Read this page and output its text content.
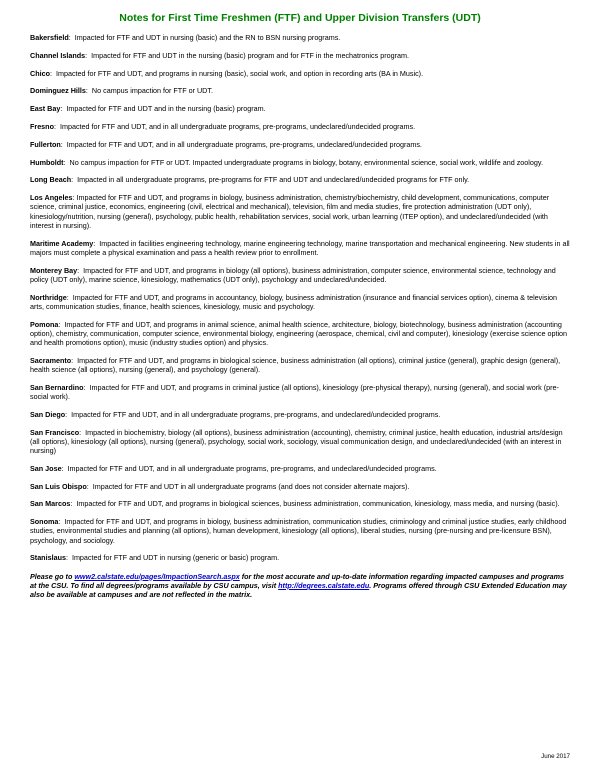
Notes for First Time Freshmen (FTF) and Upper Division Transfers (UDT)

Bakersfield:  Impacted for FTF and UDT in nursing (basic) and the RN to BSN nursing programs.

Channel Islands:  Impacted for FTF and UDT in the nursing (basic) program and for FTF in the mechatronics program.

Chico:  Impacted for FTF and UDT, and programs in nursing (basic), social work, and option in recording arts (BA in Music).

Dominguez Hills:  No campus impaction for FTF or UDT.

East Bay:  Impacted for FTF and UDT and in the nursing (basic) program.

Fresno:  Impacted for FTF and UDT, and in all undergraduate programs, pre-programs, undeclared/undecided programs.

Fullerton:  Impacted for FTF and UDT, and in all undergraduate programs, pre-programs, undeclared/undecided programs.

Humboldt:  No campus impaction for FTF or UDT. Impacted undergraduate programs in biology, botany, environmental science, social work, wildlife and zoology.

Long Beach:  Impacted in all undergraduate programs, pre-programs for FTF and UDT and undeclared/undecided programs for FTF only.

Los Angeles: Impacted for FTF and UDT, and programs in biology, business administration, chemistry/biochemistry, child development, communications, computer science, criminal justice, economics, engineering (civil, electrical and mechanical), television, film and media studies, fire protection administration (UDT only), kinesiology/nutrition, nursing (general), psychology, public health, rehabilitation services, social work, urban learning (ITEP option), and undeclared/undecided (with interest in nursing).

Maritime Academy:  Impacted in facilities engineering technology, marine engineering technology, marine transportation and mechanical engineering. New students in all majors must complete a physical examination and pass a health review prior to enrollment.

Monterey Bay:  Impacted for FTF and UDT, and programs in biology (all options), business administration, computer science, environmental science, technology and policy (UDT only), marine science, kinesiology, mathematics (UDT only), psychology and undeclared/undecided.

Northridge:  Impacted for FTF and UDT, and programs in accountancy, biology, business administration (insurance and financial services option), cinema & television arts, communication studies, finance, health sciences, kinesiology, music and psychology.

Pomona:  Impacted for FTF and UDT, and programs in animal science, animal health science, architecture, biology, biotechnology, business administration (accounting option), chemistry, communication, computer science, environmental biology, engineering (aerospace, chemical, civil and computer), kinesiology (exercise science option and health promotions option), music (industry studies option) and physics.

Sacramento:  Impacted for FTF and UDT, and programs in biological science, business administration (all options), criminal justice (general), graphic design (general), health science (all options), nursing (general), and psychology (general).

San Bernardino:  Impacted for FTF and UDT, and programs in criminal justice (all options), kinesiology (pre-physical therapy), nursing (general), and social work (pre-social work).

San Diego:  Impacted for FTF and UDT, and in all undergraduate programs, pre-programs, and undeclared/undecided programs.

San Francisco:  Impacted in biochemistry, biology (all options), business administration (accounting), chemistry, criminal justice, health education, industrial arts/design (all options), kinesiology (all options), nursing (general), psychology, social work, sociology, visual communication design, and undeclared/undecided (with an interest in nursing)

San Jose:  Impacted for FTF and UDT, and in all undergraduate programs, pre-programs, and undeclared/undecided programs.

San Luis Obispo:  Impacted for FTF and UDT in all undergraduate programs (and does not consider alternate majors).

San Marcos:  Impacted for FTF and UDT, and programs in biological sciences, business administration, communication, kinesiology, mass media, and nursing (basic).

Sonoma:  Impacted for FTF and UDT, and programs in biology, business administration, communication studies, criminology and criminal justice studies, early childhood studies, environmental studies and planning (all options), human development, kinesiology (all options), liberal studies, nursing (pre-nursing and pre-licensure BSN), psychology, and sociology.

Stanislaus:  Impacted for FTF and UDT in nursing (generic or basic) program.

Please go to www2.calstate.edu/pages/ImpactionSearch.aspx for the most accurate and up-to-date information regarding impacted campuses and programs at the CSU. To find all degrees/programs available by CSU campus, visit http://degrees.calstate.edu. Programs offered through CSU Extended Education may also be available at campuses and are not reflected in the matrix.
June 2017
